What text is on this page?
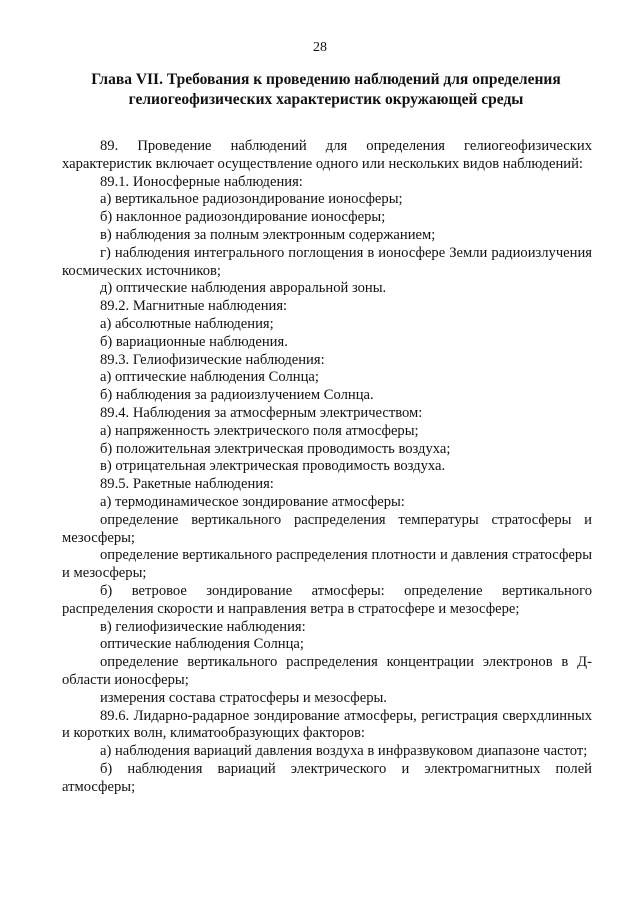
28
Глава VII. Требования к проведению наблюдений для определения
гелиогеофизических характеристик окружающей среды

89. Проведение наблюдений для определения гелиогеофизических характеристик включает осуществление одного или нескольких видов наблюдений:

89.1. Ионосферные наблюдения:

а) вертикальное радиозондирование ионосферы;

б) наклонное радиозондирование ионосферы;

в) наблюдения за полным электронным содержанием;

г) наблюдения интегрального поглощения в ионосфере Земли радиоизлучения космических источников;

д) оптические наблюдения авроральной зоны.

89.2. Магнитные наблюдения:

а) абсолютные наблюдения;

б) вариационные наблюдения.

89.3. Гелиофизические наблюдения:

а) оптические наблюдения Солнца;

б) наблюдения за радиоизлучением Солнца.

89.4. Наблюдения за атмосферным электричеством:

а) напряженность электрического поля атмосферы;

б) положительная электрическая проводимость воздуха;

в) отрицательная электрическая проводимость воздуха.

89.5. Ракетные наблюдения:

а) термодинамическое зондирование атмосферы:

определение вертикального распределения температуры стратосферы и мезосферы;

определение вертикального распределения плотности и давления стратосферы и мезосферы;

б) ветровое зондирование атмосферы: определение вертикального распределения скорости и направления ветра в стратосфере и мезосфере;

в) гелиофизические наблюдения:

оптические наблюдения Солнца;

определение вертикального распределения концентрации электронов в Д-области ионосферы;

измерения состава стратосферы и мезосферы.

89.6. Лидарно-радарное зондирование атмосферы, регистрация сверхдлинных и коротких волн, климатообразующих факторов:

а) наблюдения вариаций давления воздуха в инфразвуковом диапазоне частот;

б) наблюдения вариаций электрического и электромагнитных полей атмосферы;
